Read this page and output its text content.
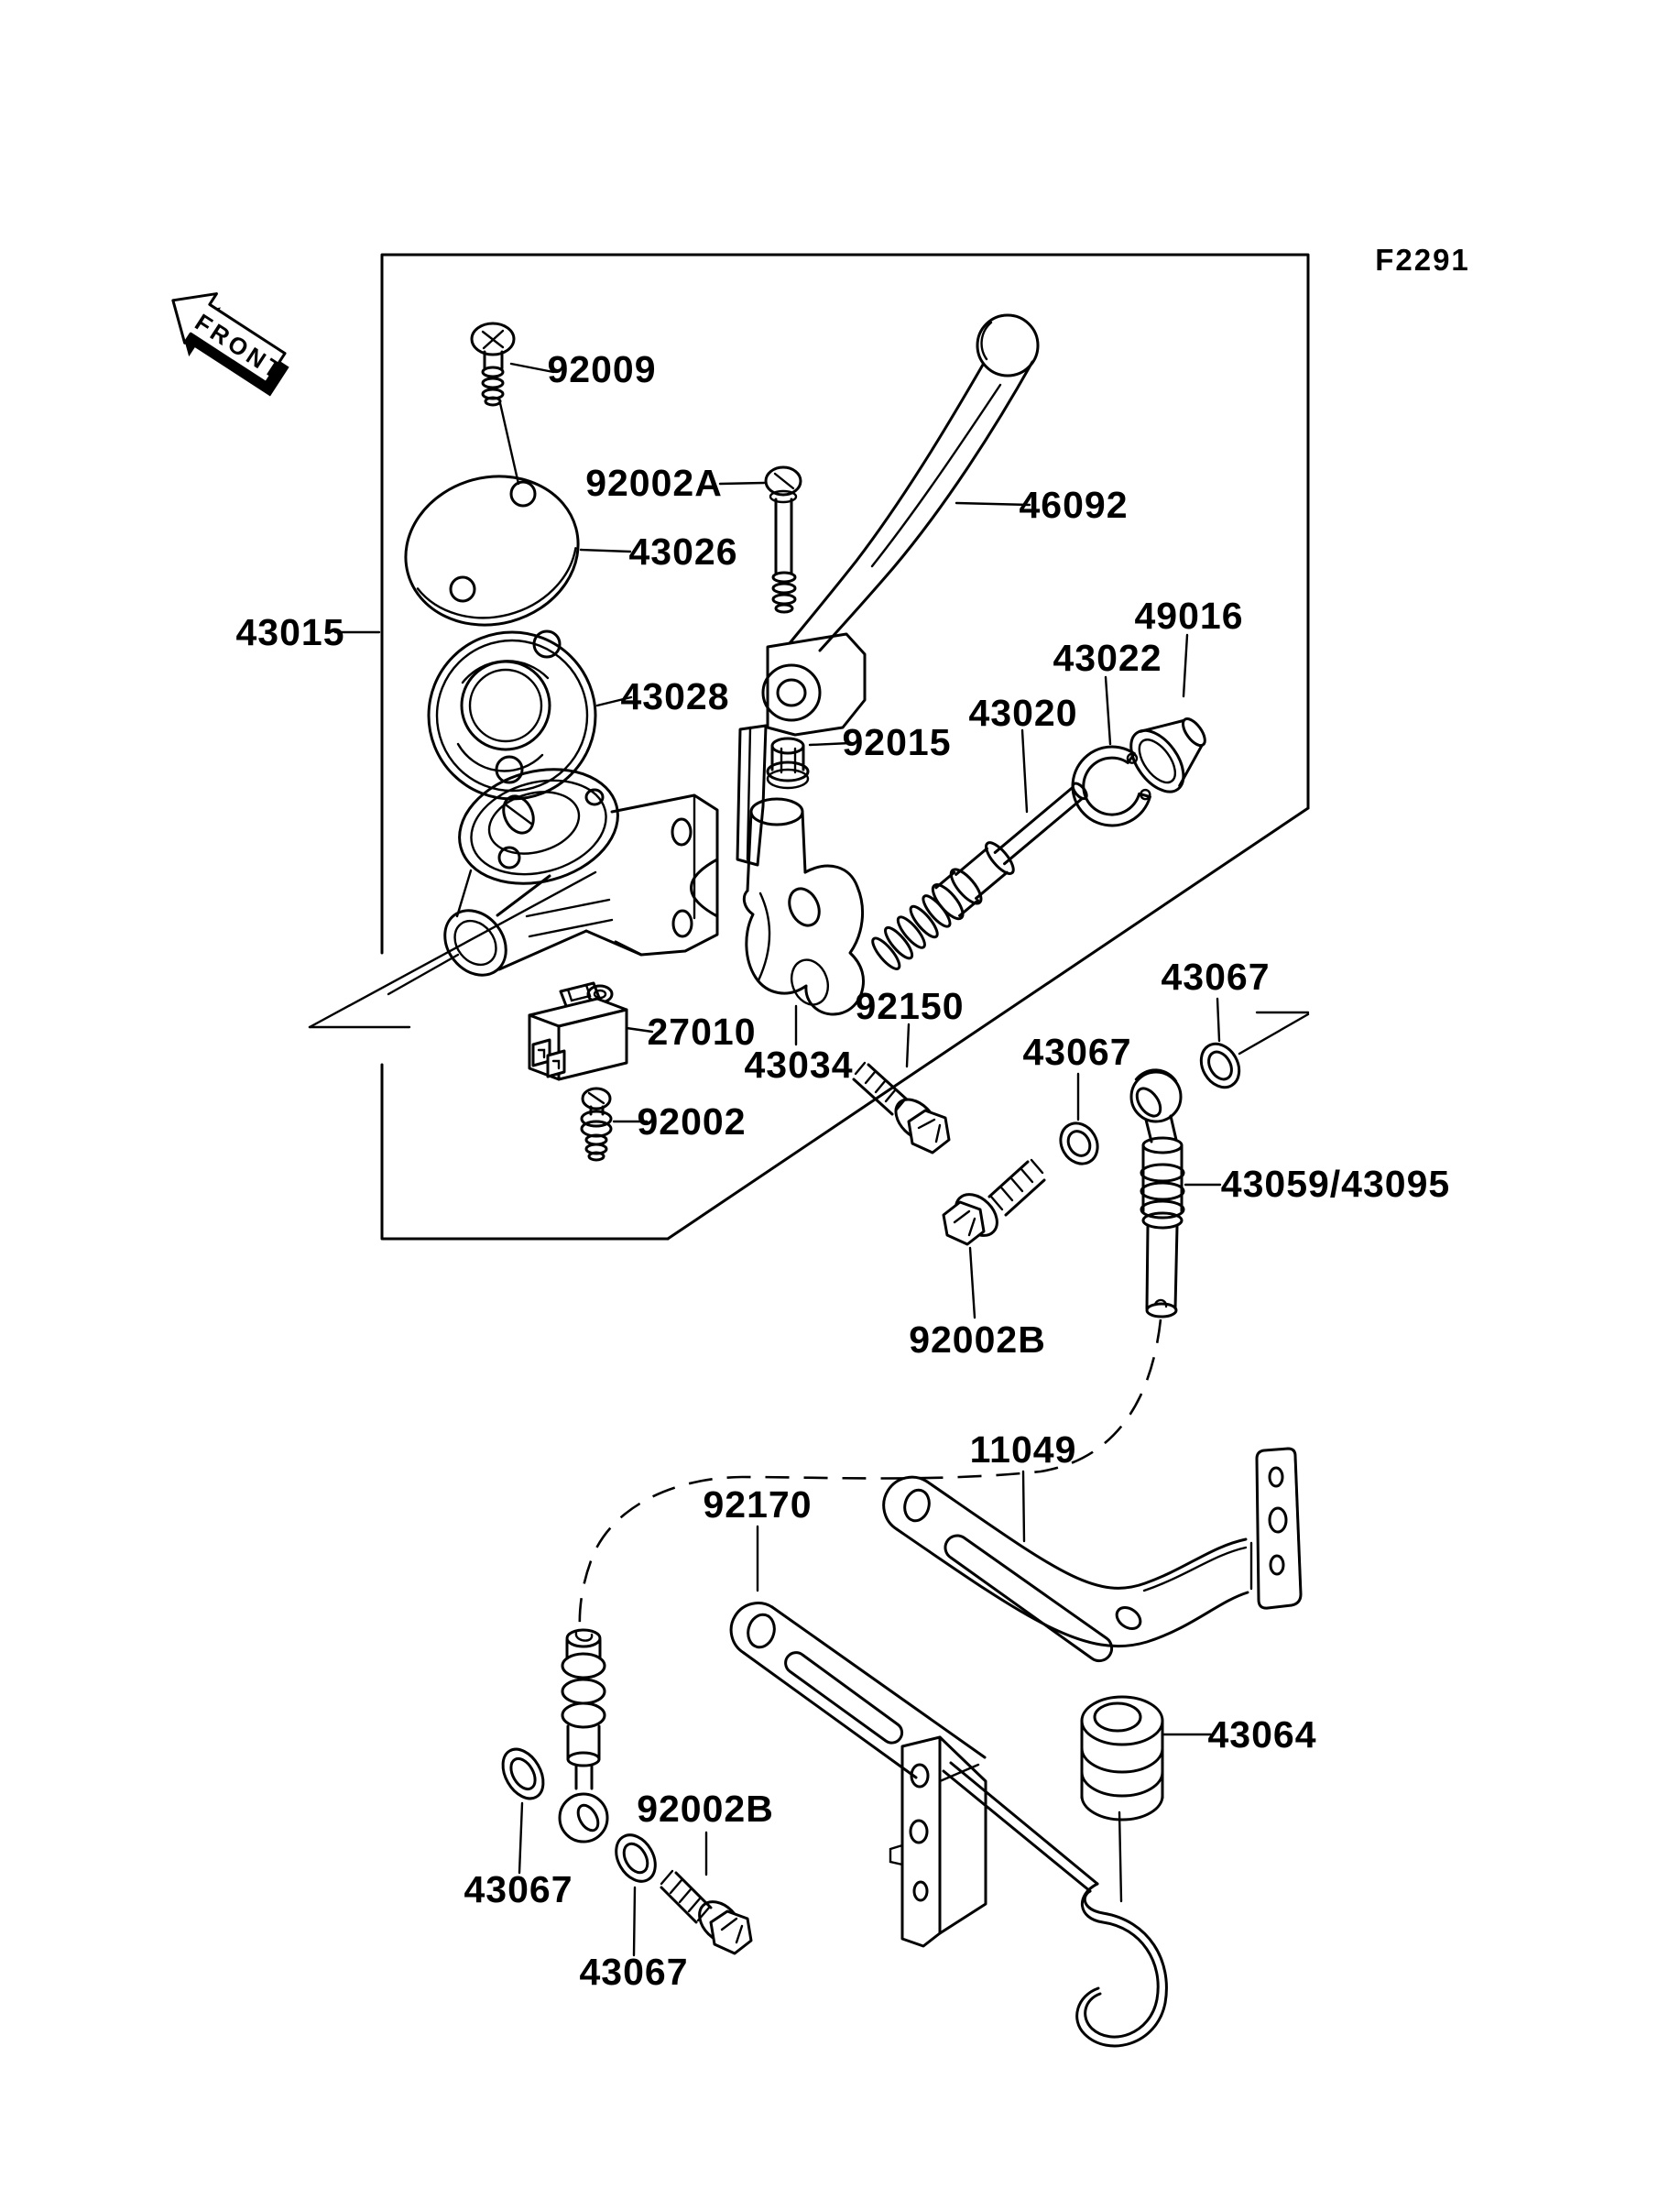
F2291
FRONT	92009
92002A
43026
43015
46092
43028
92015
43020
43022
49016
92150
27010
43034
92002
43067
43067
43059/43095
92002B
11049
92170
43064
43067
43067
92002B
